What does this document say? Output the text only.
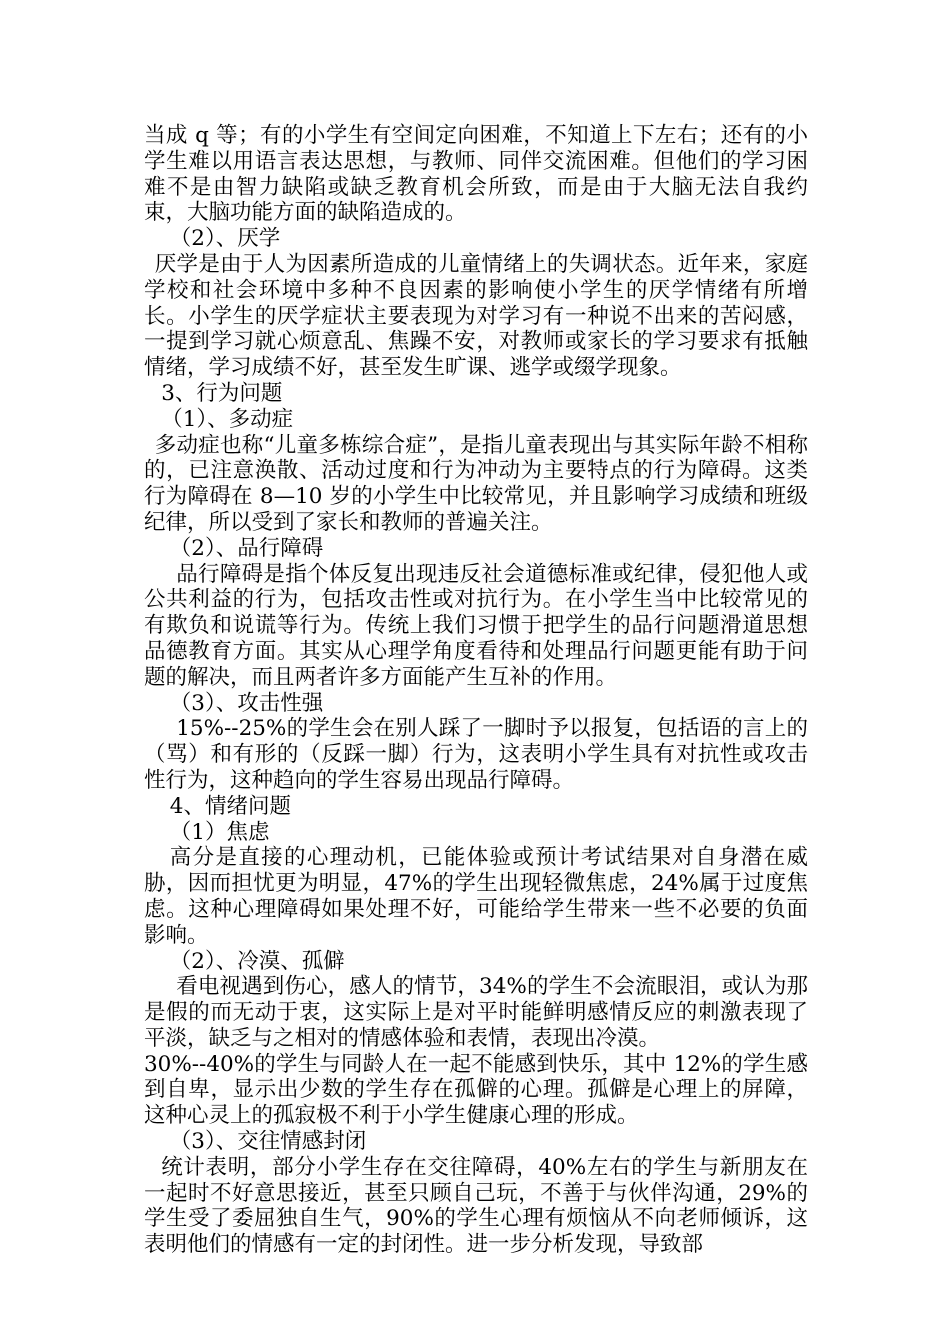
当成 q 等；有的小学生有空间定向困难，不知道上下左右；还有的小学生难以用语言表达思想，与教师、同伴交流困难。但他们的学习困难不是由智力缺陷或缺乏教育机会所致，而是由于大脑无法自我约束，大脑功能方面的缺陷造成的。

（2）、厌学

厌学是由于人为因素所造成的儿童情绪上的失调状态。近年来，家庭学校和社会环境中多种不良因素的影响使小学生的厌学情绪有所增长。小学生的厌学症状主要表现为对学习有一种说不出来的苦闷感，一提到学习就心烦意乱、焦躁不安，对教师或家长的学习要求有抵触情绪，学习成绩不好，甚至发生旷课、逃学或缀学现象。

3、行为问题

（1）、多动症

多动症也称“儿童多栋综合症”，是指儿童表现出与其实际年龄不相称的，已注意涣散、活动过度和行为冲动为主要特点的行为障碍。这类行为障碍在 8—10 岁的小学生中比较常见，并且影响学习成绩和班级纪律，所以受到了家长和教师的普遍关注。

（2）、品行障碍

品行障碍是指个体反复出现违反社会道德标准或纪律，侵犯他人或公共利益的行为，包括攻击性或对抗行为。在小学生当中比较常见的有欺负和说谎等行为。传统上我们习惯于把学生的品行问题滑道思想品德教育方面。其实从心理学角度看待和处理品行问题更能有助于问题的解决，而且两者许多方面能产生互补的作用。

（3）、攻击性强

15%--25%的学生会在别人踩了一脚时予以报复，包括语的言上的（骂）和有形的（反踩一脚）行为，这表明小学生具有对抗性或攻击性行为，这种趋向的学生容易出现品行障碍。

4、情绪问题

（1）焦虑

高分是直接的心理动机，已能体验或预计考试结果对自身潜在威胁，因而担忧更为明显，47%的学生出现轻微焦虑，24%属于过度焦虑。这种心理障碍如果处理不好，可能给学生带来一些不必要的负面影响。

（2）、冷漠、孤僻

看电视遇到伤心，感人的情节，34%的学生不会流眼泪，或认为那是假的而无动于衷，这实际上是对平时能鲜明感情反应的刺激表现了平淡，缺乏与之相对的情感体验和表情，表现出冷漠。

30%--40%的学生与同龄人在一起不能感到快乐，其中 12%的学生感到自卑，显示出少数的学生存在孤僻的心理。孤僻是心理上的屏障，这种心灵上的孤寂极不利于小学生健康心理的形成。

（3）、交往情感封闭

统计表明，部分小学生存在交往障碍，40%左右的学生与新朋友在一起时不好意思接近，甚至只顾自己玩，不善于与伙伴沟通，29%的学生受了委屈独自生气，90%的学生心理有烦恼从不向老师倾诉，这表明他们的情感有一定的封闭性。进一步分析发现，导致部
